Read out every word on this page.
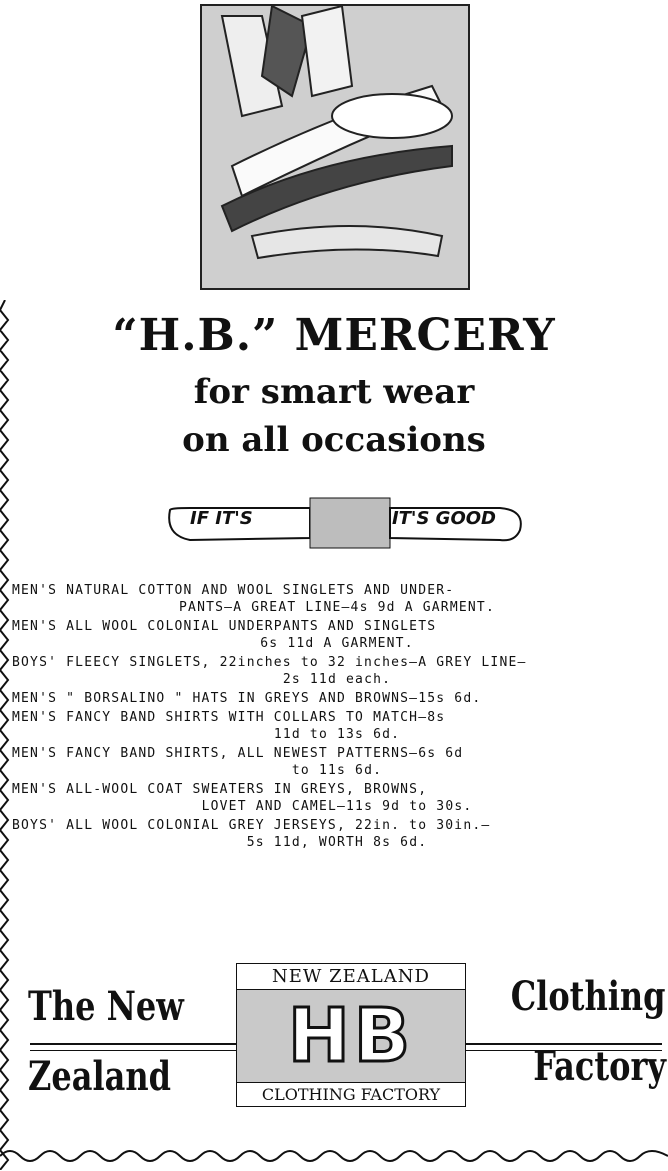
“H.B.” MERCERY
for smart wear
on all occasions
IF IT'S	IT'S GOOD
MEN'S NATURAL COTTON AND WOOL SINGLETS AND UNDER-
PANTS—A GREAT LINE—4s 9d A GARMENT.
MEN'S ALL WOOL COLONIAL UNDERPANTS AND SINGLETS
6s 11d A GARMENT.
BOYS' FLEECY SINGLETS, 22inches to 32 inches—A GREY LINE—
2s 11d each.
MEN'S " BORSALINO " HATS IN GREYS AND BROWNS—15s 6d.
MEN'S FANCY BAND SHIRTS WITH COLLARS TO MATCH—8s
11d to 13s 6d.
MEN'S FANCY BAND SHIRTS, ALL NEWEST PATTERNS—6s 6d
to 11s 6d.
MEN'S ALL-WOOL COAT SWEATERS IN GREYS, BROWNS,
LOVET AND CAMEL—11s 9d to 30s.
BOYS' ALL WOOL COLONIAL GREY JERSEYS, 22in. to 30in.—
5s 11d, WORTH 8s 6d.
The New
Zealand
NEW ZEALAND
HB
CLOTHING FACTORY
Clothing
Factory
